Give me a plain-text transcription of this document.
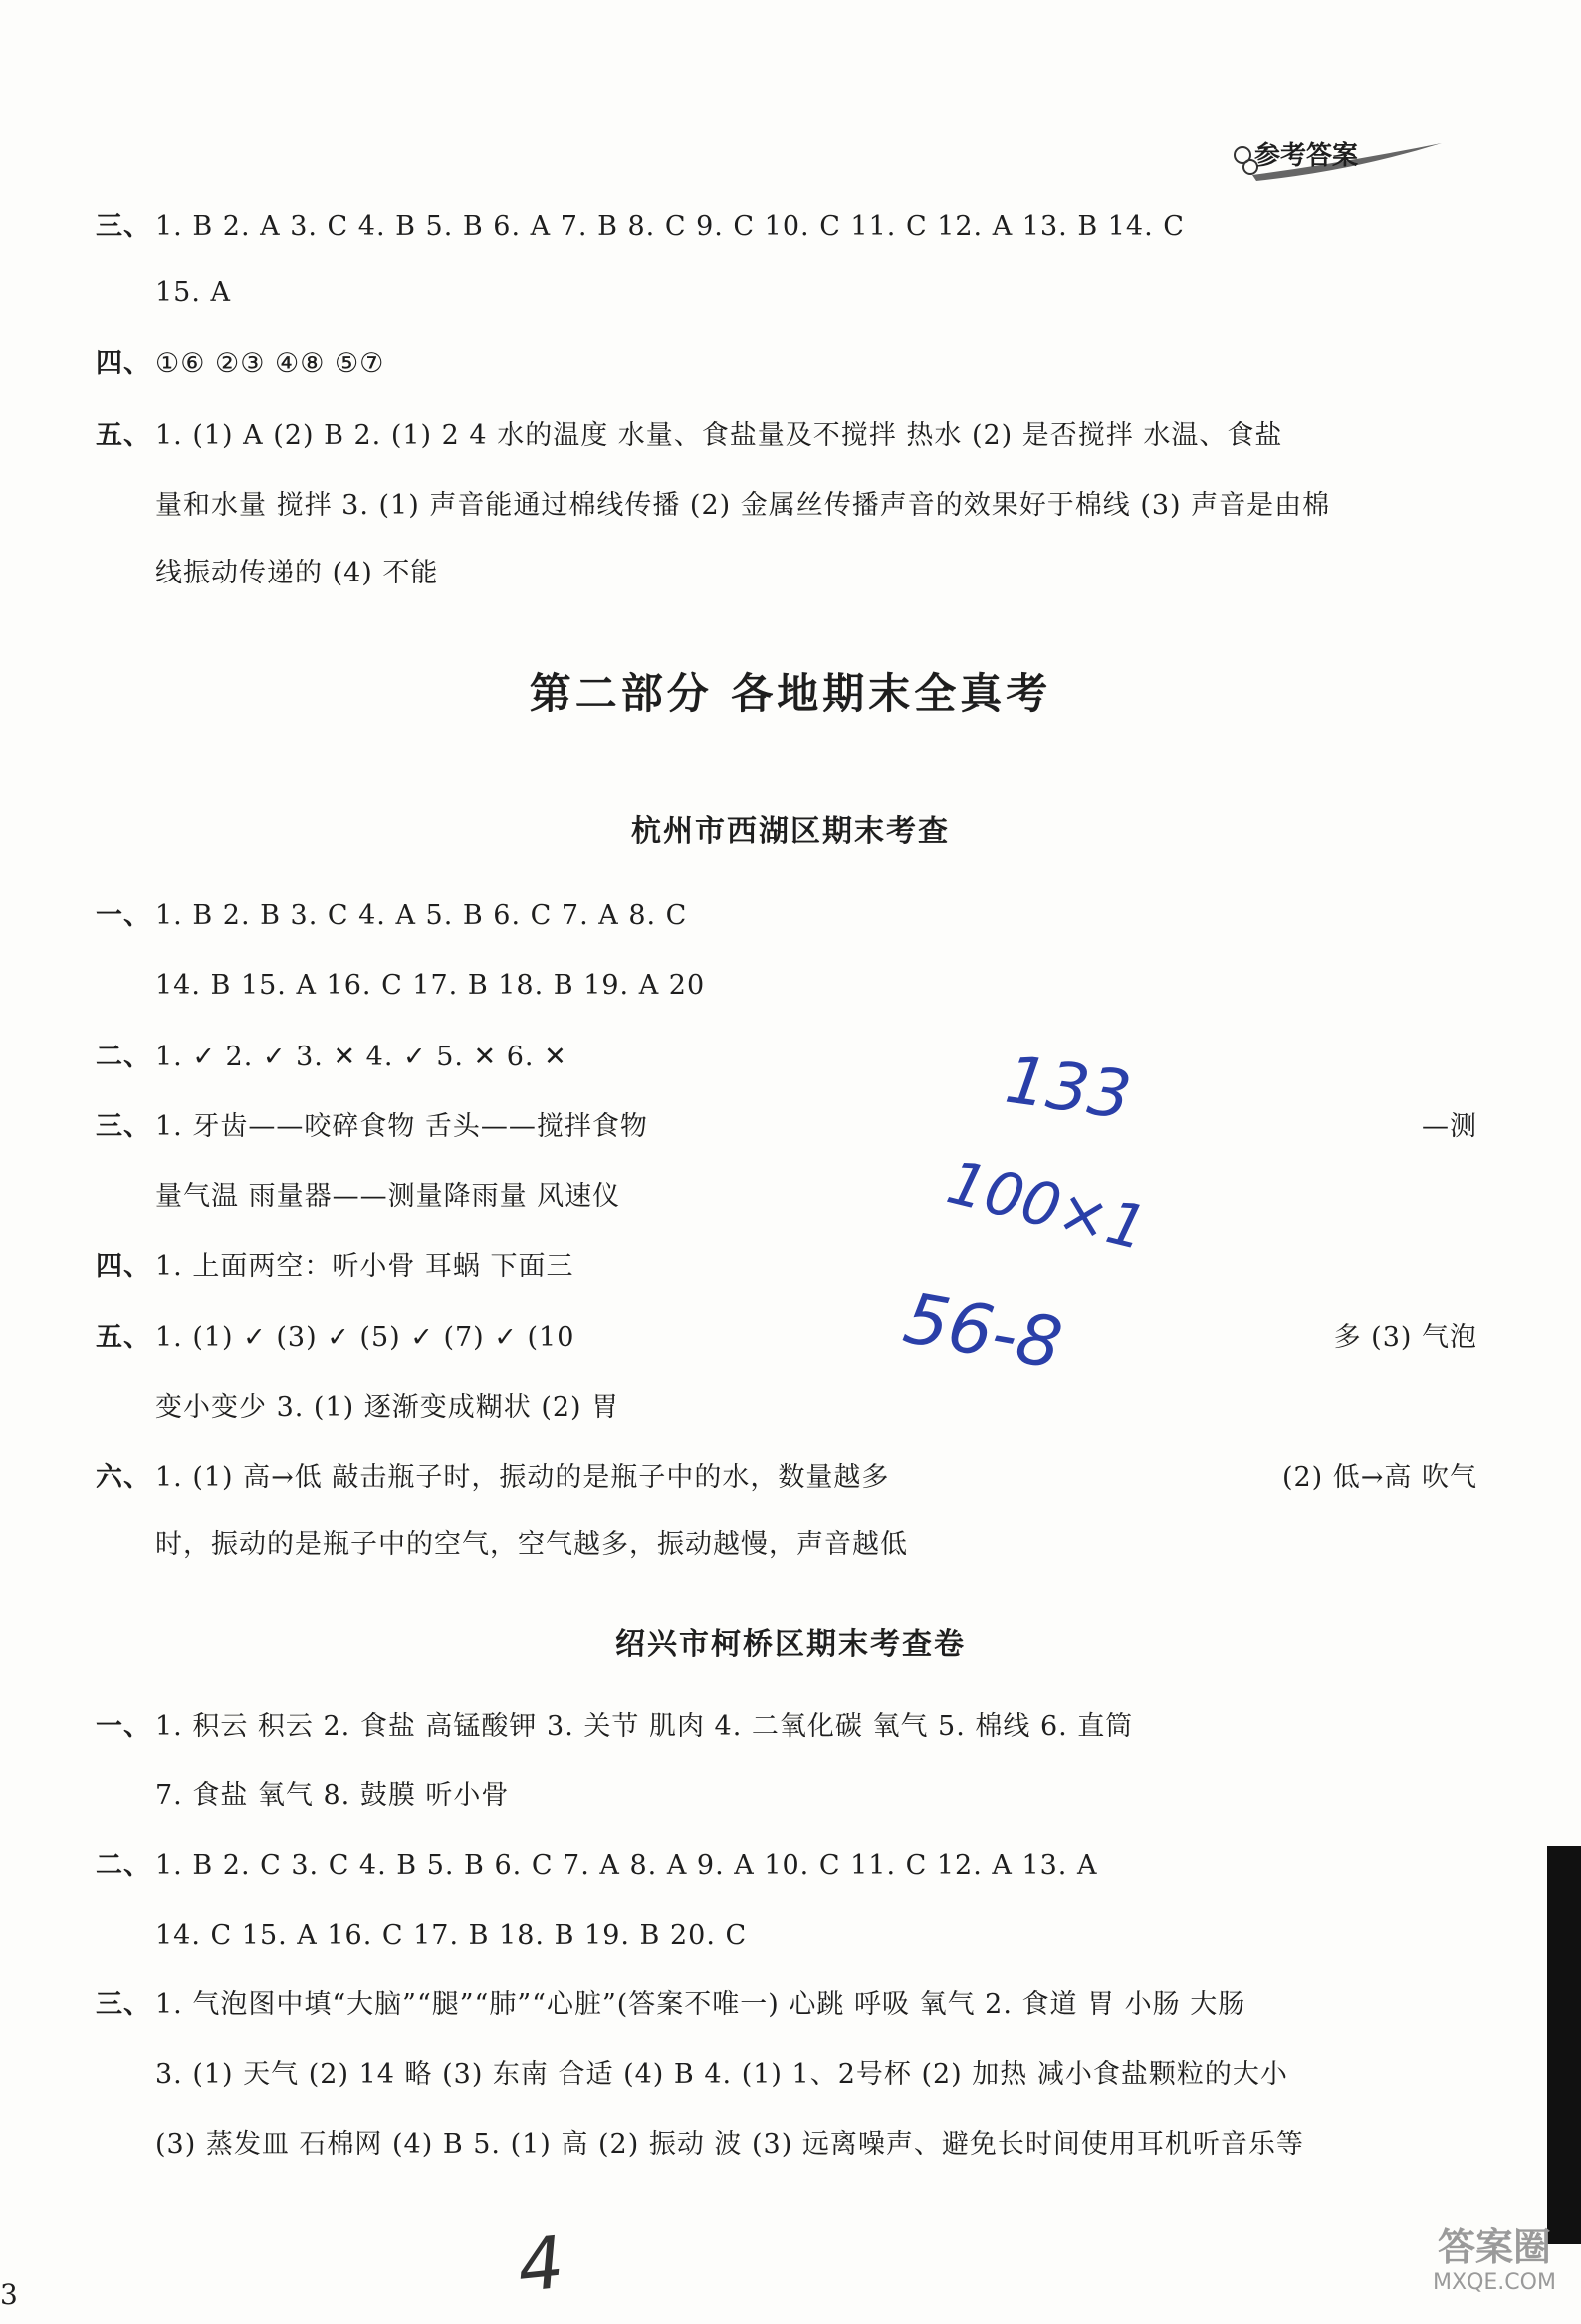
参考答案
三、 1. B 2. A 3. C 4. B 5. B 6. A 7. B 8. C 9. C 10. C 11. C 12. A 13. B 14. C
15. A
四、 ①⑥ ②③ ④⑧ ⑤⑦
五、 1. (1) A (2) B 2. (1) 2 4 水的温度 水量、食盐量及不搅拌 热水 (2) 是否搅拌 水温、食盐
量和水量 搅拌 3. (1) 声音能通过棉线传播 (2) 金属丝传播声音的效果好于棉线 (3) 声音是由棉
线振动传递的 (4) 不能
第二部分 各地期末全真考
杭州市西湖区期末考查
一、 1. B 2. B 3. C 4. A 5. B 6. C 7. A 8. C
14. B 15. A 16. C 17. B 18. B 19. A 20
二、 1. ✓ 2. ✓ 3. ✕ 4. ✓ 5. ✕ 6. ✕
三、 1. 牙齿——咬碎食物 舌头——搅拌食物	—测
量气温 雨量器——测量降雨量 风速仪
四、 1. 上面两空：听小骨 耳蜗 下面三
五、 1. (1) ✓ (3) ✓ (5) ✓ (7) ✓ (10	多 (3) 气泡
变小变少 3. (1) 逐渐变成糊状 (2) 胃
六、 1. (1) 高→低 敲击瓶子时，振动的是瓶子中的水，数量越多	(2) 低→高 吹气
时，振动的是瓶子中的空气，空气越多，振动越慢，声音越低
绍兴市柯桥区期末考查卷
一、 1. 积云 积云 2. 食盐 高锰酸钾 3. 关节 肌肉 4. 二氧化碳 氧气 5. 棉线 6. 直筒
7. 食盐 氧气 8. 鼓膜 听小骨
二、 1. B 2. C 3. C 4. B 5. B 6. C 7. A 8. A 9. A 10. C 11. C 12. A 13. A
14. C 15. A 16. C 17. B 18. B 19. B 20. C
三、 1. 气泡图中填“大脑”“腿”“肺”“心脏”(答案不唯一) 心跳 呼吸 氧气 2. 食道 胃 小肠 大肠
3. (1) 天气 (2) 14 略 (3) 东南 合适 (4) B 4. (1) 1、2号杯 (2) 加热 减小食盐颗粒的大小
(3) 蒸发皿 石棉网 (4) B 5. (1) 高 (2) 振动 波 (3) 远离噪声、避免长时间使用耳机听音乐等
133
100×1
56-8
4
3
答案圈
MXQE.COM
